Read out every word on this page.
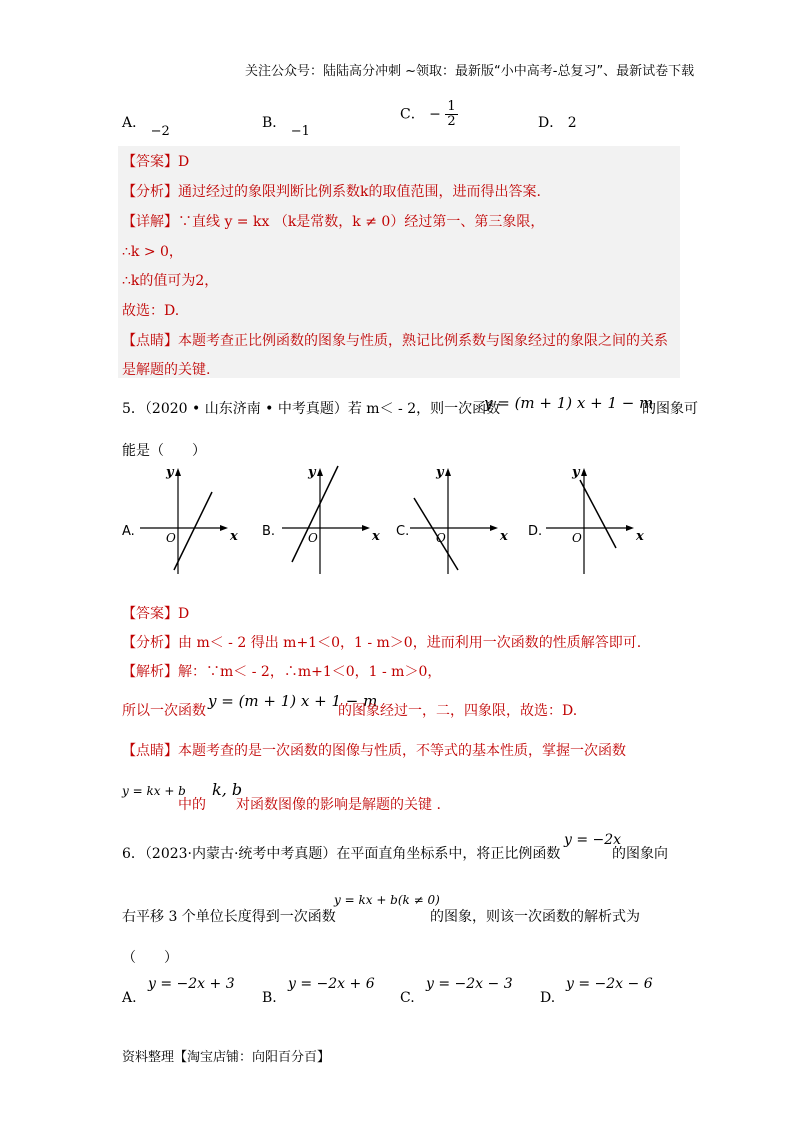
关注公众号：陆陆高分冲刺 ~领取：最新版“小中高考-总复习”、最新试卷下载
A． −2
B． −1
C． − $\frac{1}{2}$	D． 2
【答案】D
【分析】通过经过的象限判断比例系数k的取值范围，进而得出答案.
【详解】∵直线 y = kx （k是常数，k ≠ 0）经过第一、第三象限，
∴k > 0，
∴k的值可为2，
故选：D.
【点睛】本题考查正比例函数的图象与性质，熟记比例系数与图象经过的象限之间的关系
是解题的关键.
5．（2020 • 山东济南 • 中考真题）若 m＜ - 2，则一次函数
y = (m + 1) x + 1 − m
的图象可
能是（　　）
A.
y
x
O	B.
y
x
O	C.
y
x
O	D.
y
x
O
【答案】D
【分析】由 m＜ - 2 得出 m+1＜0，1 - m＞0，进而利用一次函数的性质解答即可.
【解析】解：∵m＜ - 2，∴m+1＜0，1 - m＞0，
所以一次函数
y = (m + 1) x + 1 − m
的图象经过一，二，四象限，故选：D.
【点睛】本题考查的是一次函数的图像与性质，不等式的基本性质，掌握一次函数
y = kx + b
中的
k, b
对函数图像的影响是解题的关键 .
6．（2023·内蒙古·统考中考真题）在平面直角坐标系中，将正比例函数
y = −2x
的图象向
右平移 3 个单位长度得到一次函数
y = kx + b(k ≠ 0)
的图象，则该一次函数的解析式为
（　　）
A.
y = −2x + 3
B.
y = −2x + 6
C.
y = −2x − 3
D.
y = −2x − 6
资料整理【淘宝店铺：向阳百分百】
